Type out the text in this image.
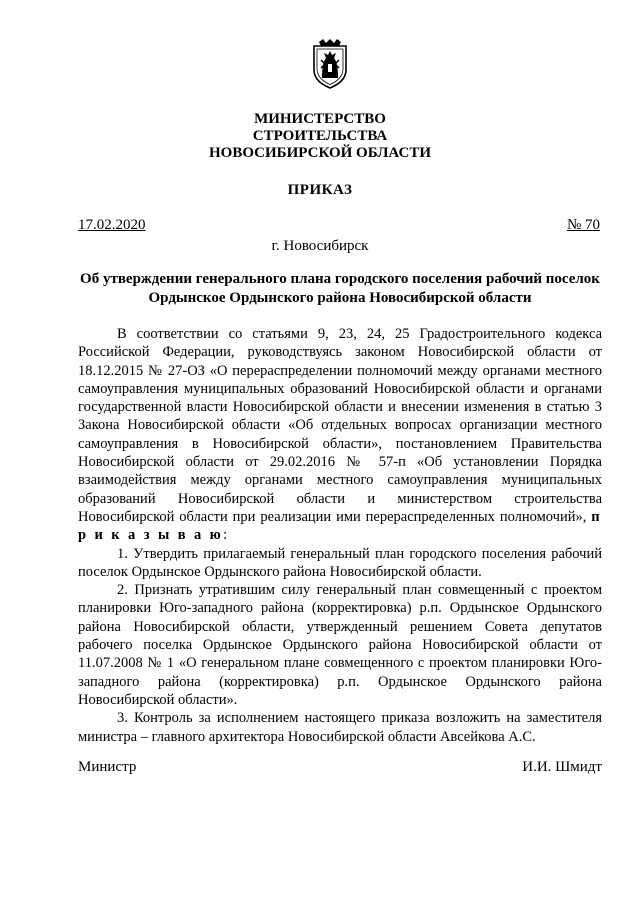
МИНИСТЕРСТВО
СТРОИТЕЛЬСТВА
НОВОСИБИРСКОЙ ОБЛАСТИ
ПРИКАЗ
17.02.2020	№ 70
г. Новосибирск
Об утверждении генерального плана городского поселения рабочий поселок Ордынское Ордынского района Новосибирской области

В соответствии со статьями 9, 23, 24, 25 Градостроительного кодекса Российской Федерации, руководствуясь законом Новосибирской области от 18.12.2015 № 27-ОЗ «О перераспределении полномочий между органами местного самоуправления муниципальных образований Новосибирской области и органами государственной власти Новосибирской области и внесении изменения в статью 3 Закона Новосибирской области «Об отдельных вопросах организации местного самоуправления в Новосибирской области», постановлением Правительства Новосибирской области от 29.02.2016 № 57-п «Об установлении Порядка взаимодействия между органами местного самоуправления муниципальных образований Новосибирской области и министерством строительства Новосибирской области при реализации ими перераспределенных полномочий», п р и к а з ы в а ю:

1. Утвердить прилагаемый генеральный план городского поселения рабочий поселок Ордынское Ордынского района Новосибирской области.

2. Признать утратившим силу генеральный план совмещенный с проектом планировки Юго-западного района (корректировка) р.п. Ордынское Ордынского района Новосибирской области, утвержденный решением Совета депутатов рабочего поселка Ордынское Ордынского района Новосибирской области от 11.07.2008 № 1 «О генеральном плане совмещенного с проектом планировки Юго-западного района (корректировка) р.п. Ордынское Ордынского района Новосибирской области».

3. Контроль за исполнением настоящего приказа возложить на заместителя министра – главного архитектора Новосибирской области Авсейкова А.С.

Министр	И.И. Шмидт
